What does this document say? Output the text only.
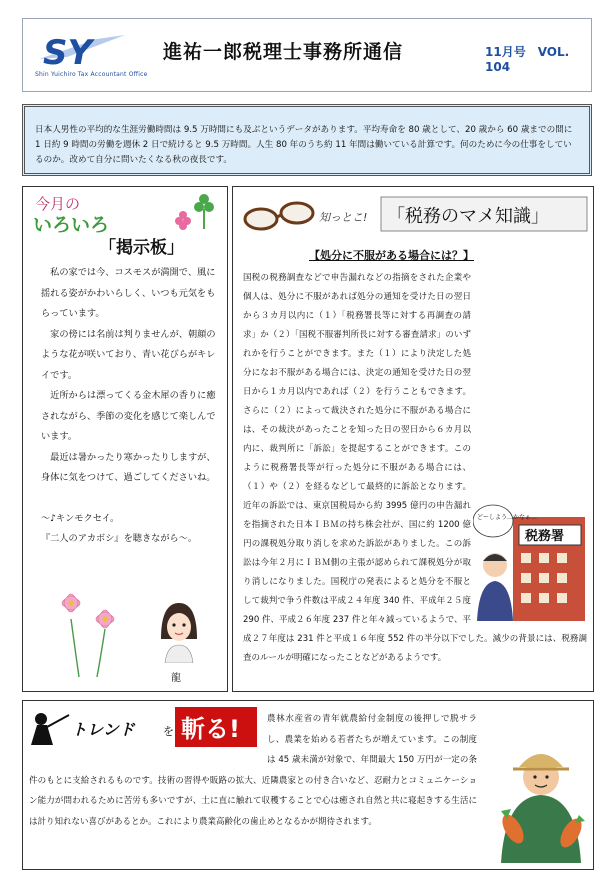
SY
Shin Yuichiro Tax Accountant Office
進祐一郎税理士事務所通信	11月号　VOL. 104
日本人男性の平均的な生涯労働時間は 9.5 万時間にも及ぶというデータがあります。平均寿命を 80 歳として、20 歳から 60 歳までの間に 1 日約 9 時間の労働を週休 2 日で続けると 9.5 万時間。人生 80 年のうち約 11 年間は働いている計算です。何のために今の仕事をしているのか。改めて自分に問いたくなる秋の夜長です。
今月の
いろいろ
「掲示板」

　私の家では今、コスモスが満開で、風に揺れる姿がかわいらしく、いつも元気をもらっています。

　家の傍には名前は判りませんが、朝顔のような花が咲いており、青い花びらがキレイです。

　近所からは漂ってくる金木犀の香りに癒されながら、季節の変化を感じて楽しんでいます。

　最近は暑かったり寒かったりしますが、身体に気をつけて、過ごしてくださいね。

〜♪キンモクセイ。

『二人のアカボシ』を聴きながら〜。

龍
知っとこ! 「税務のマメ知識」
【処分に不服がある場合には？】

国税の税務調査などで申告漏れなどの指摘をされた企業や個人は、処分に不服があれば処分の通知を受けた日の翌日から３カ月以内に（１）「税務署長等に対する再調査の請求」か（２）「国税不服審判所長に対する審査請求」のいずれかを行うことができます。また（１）により決定した処分になお不服がある場合には、決定の通知を受けた日の翌日から１カ月以内であれば（２）を行うこともできます。さらに（２）によって裁決された処分に不服がある場合には、その裁決があったことを知った日の翌日から６カ月以内に、裁判所に「訴訟」を提起することができます。このように税務署長等が行った処分に不服がある場合には、（１）や（２）を経るなどして最終的に訴訟となります。近年の訴訟では、東京国税局から約 3995 億円の申告漏れを指摘された日本ＩＢＭの持ち株会社が、国に約 1200 億円の課税処分取り消しを求めた訴訟がありました。この訴訟は今年２月にＩＢＭ側の主張が認められて課税処分が取り消しになりました。国税庁の発表によると処分を不服として裁判で争う件数は平成２４年度 340 件、平成年２５度 290 件、平成２６年度 237 件と年々減っているようで、平成２７年度は 231 件と平成１６年度 552 件の半分以下でした。減少の背景には、税務調査のルールが明確になったことなどがあるようです。

税務署
どーしよう…かなぁ…

農林水産省の青年就農給付金制度の後押しで脱サラし、農業を始める若者たちが増えています。この制度は 45 歳未満が対象で、年間最大 150 万円が一定の条件のもとに支給されるものです。技術の習得や販路の拡大、近隣農家との付き合いなど、忍耐力とコミュニケーション能力が問われるために苦労も多いですが、土に直に触れて収穫することで心は癒され自然と共に寝起きする生活には計り知れない喜びがあるとか。これにより農業高齢化の歯止めとなるかが期待されます。

トレンド	を 斬る!
